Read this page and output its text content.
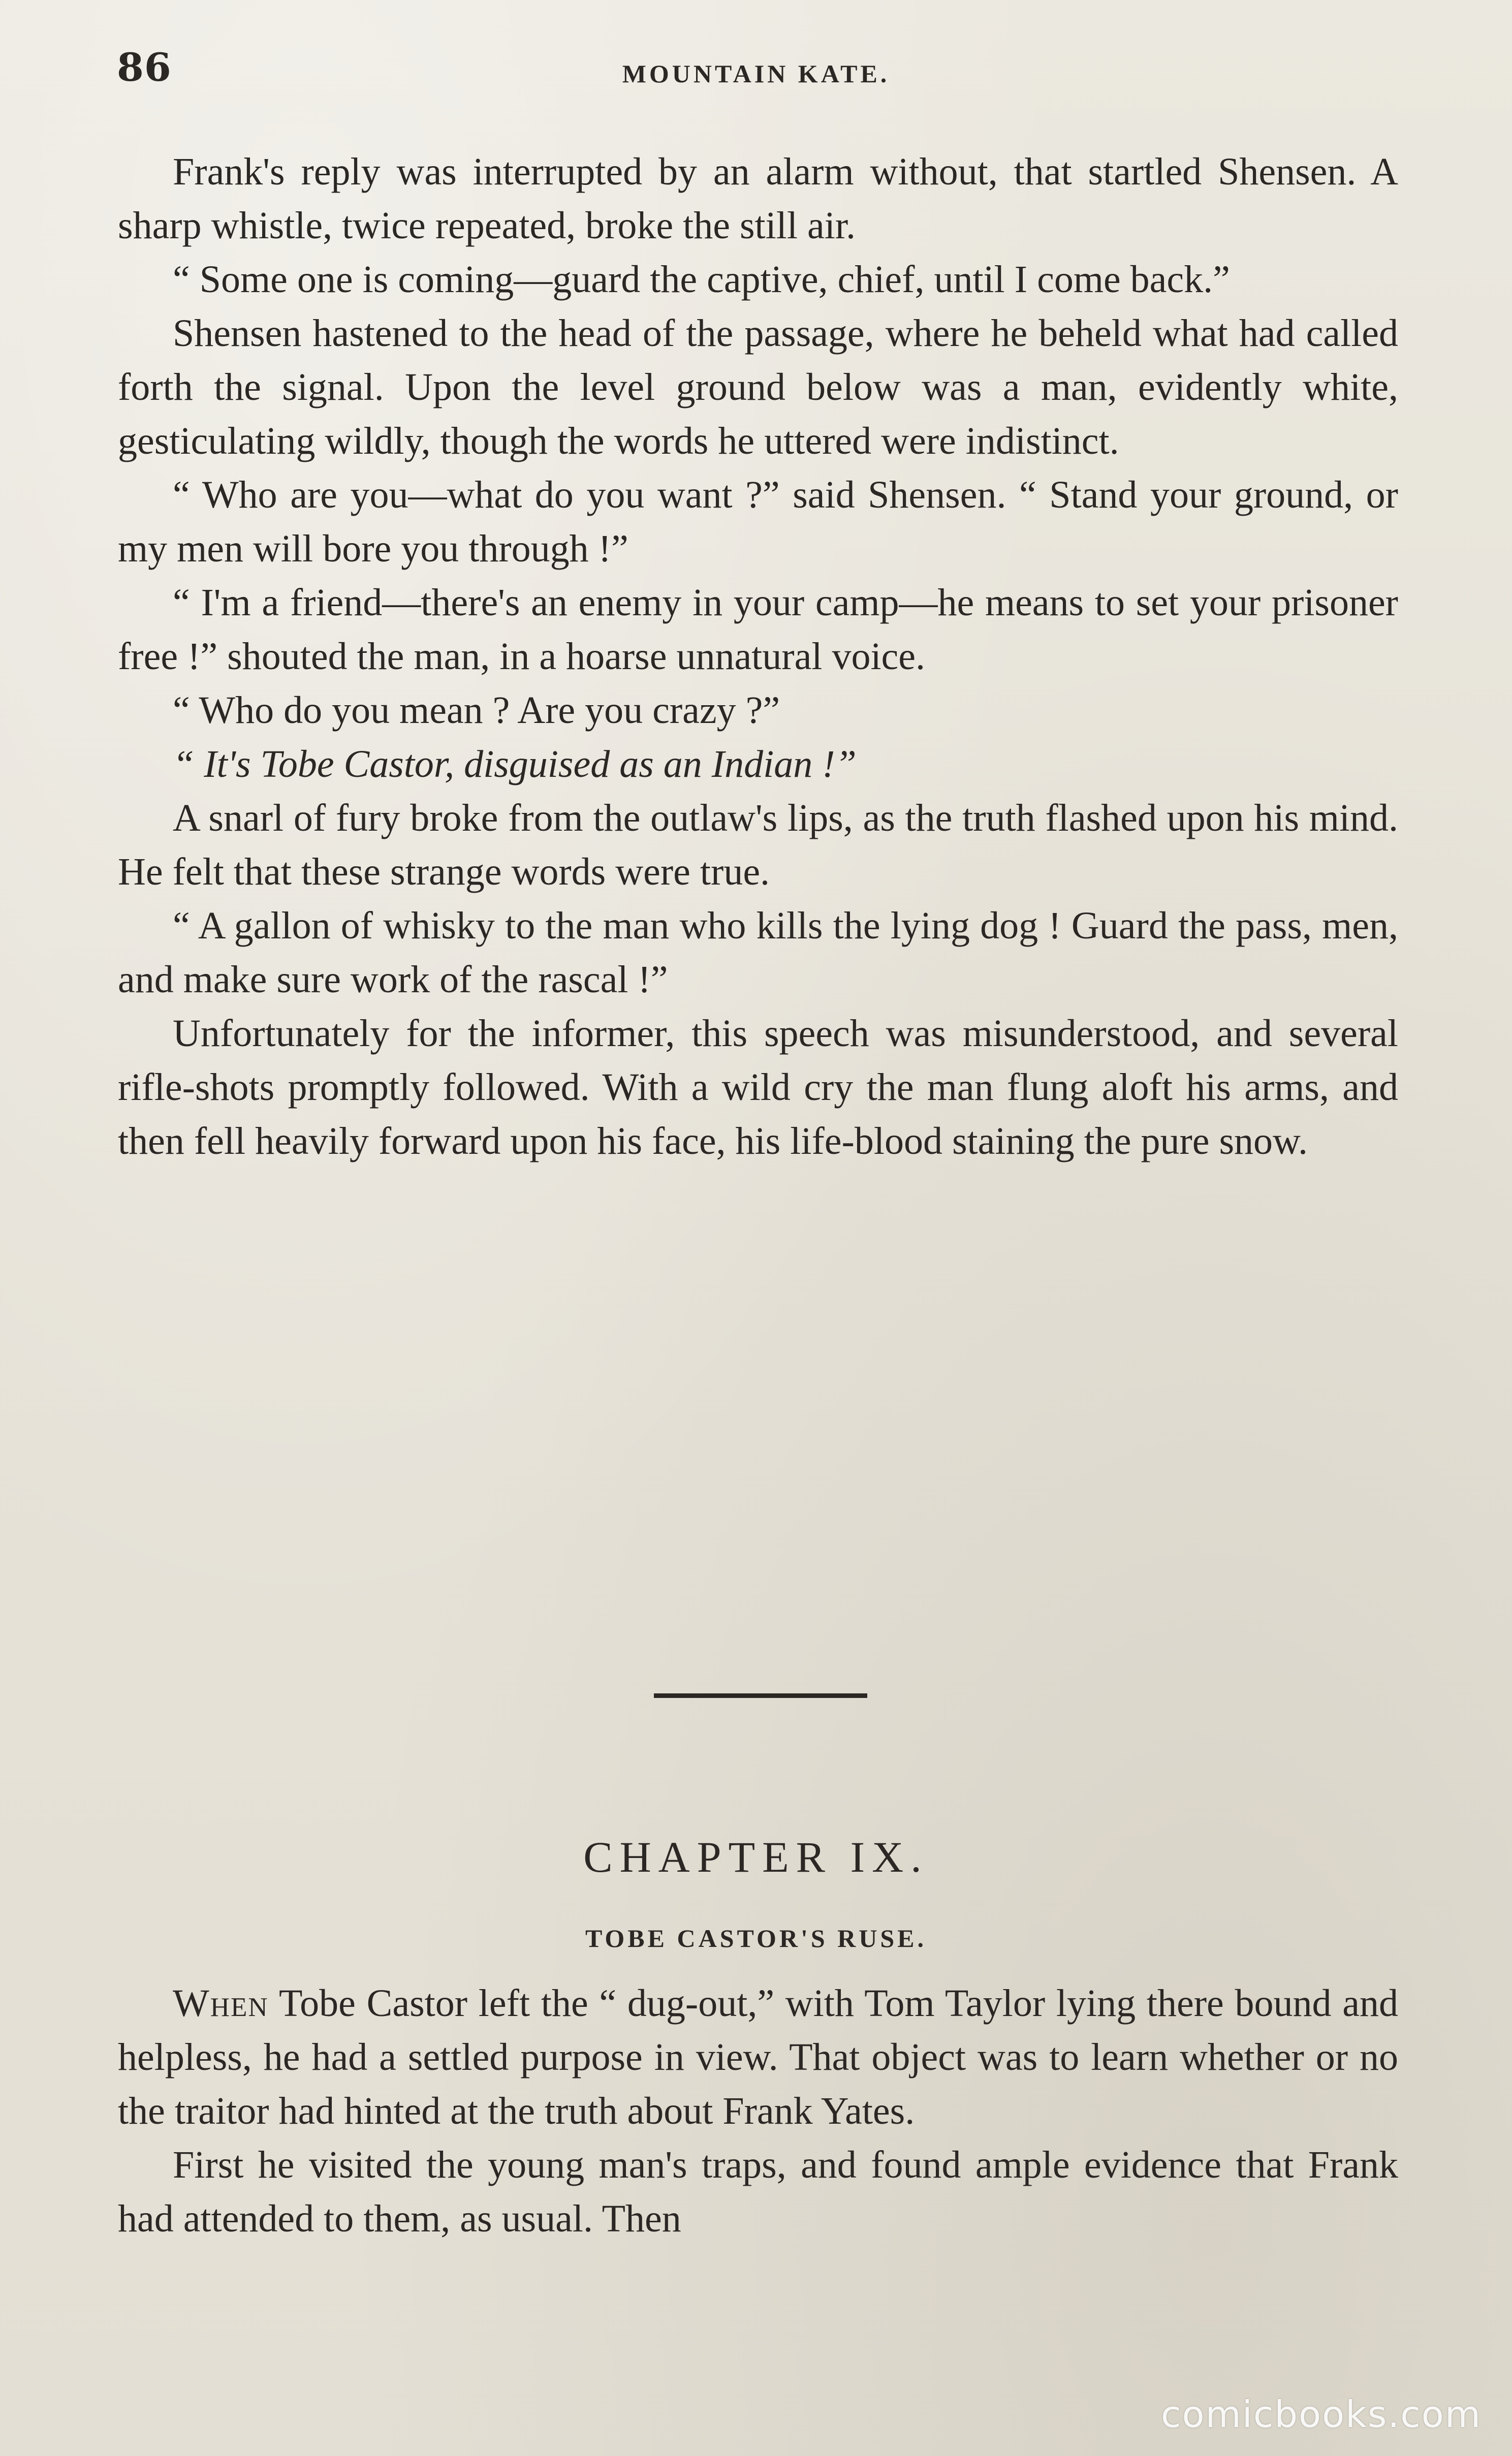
86	MOUNTAIN KATE.

Frank's reply was interrupted by an alarm without, that startled Shensen. A sharp whistle, twice repeated, broke the still air.

“ Some one is coming—guard the captive, chief, until I come back.”

Shensen hastened to the head of the passage, where he beheld what had called forth the signal. Upon the level ground below was a man, evidently white, gesticulating wildly, though the words he uttered were indistinct.

“ Who are you—what do you want ?” said Shensen. “ Stand your ground, or my men will bore you through !”

“ I'm a friend—there's an enemy in your camp—he means to set your prisoner free !” shouted the man, in a hoarse unnatural voice.

“ Who do you mean ? Are you crazy ?”

“ It's Tobe Castor, disguised as an Indian !”

A snarl of fury broke from the outlaw's lips, as the truth flashed upon his mind. He felt that these strange words were true.

“ A gallon of whisky to the man who kills the lying dog ! Guard the pass, men, and make sure work of the rascal !”

Unfortunately for the informer, this speech was misunderstood, and several rifle-shots promptly followed. With a wild cry the man flung aloft his arms, and then fell heavily forward upon his face, his life-blood staining the pure snow.

CHAPTER IX.
TOBE CASTOR'S RUSE.

When Tobe Castor left the “ dug-out,” with Tom Taylor lying there bound and helpless, he had a settled purpose in view. That object was to learn whether or no the traitor had hinted at the truth about Frank Yates.

First he visited the young man's traps, and found ample evidence that Frank had attended to them, as usual. Then

comicbooks.com
